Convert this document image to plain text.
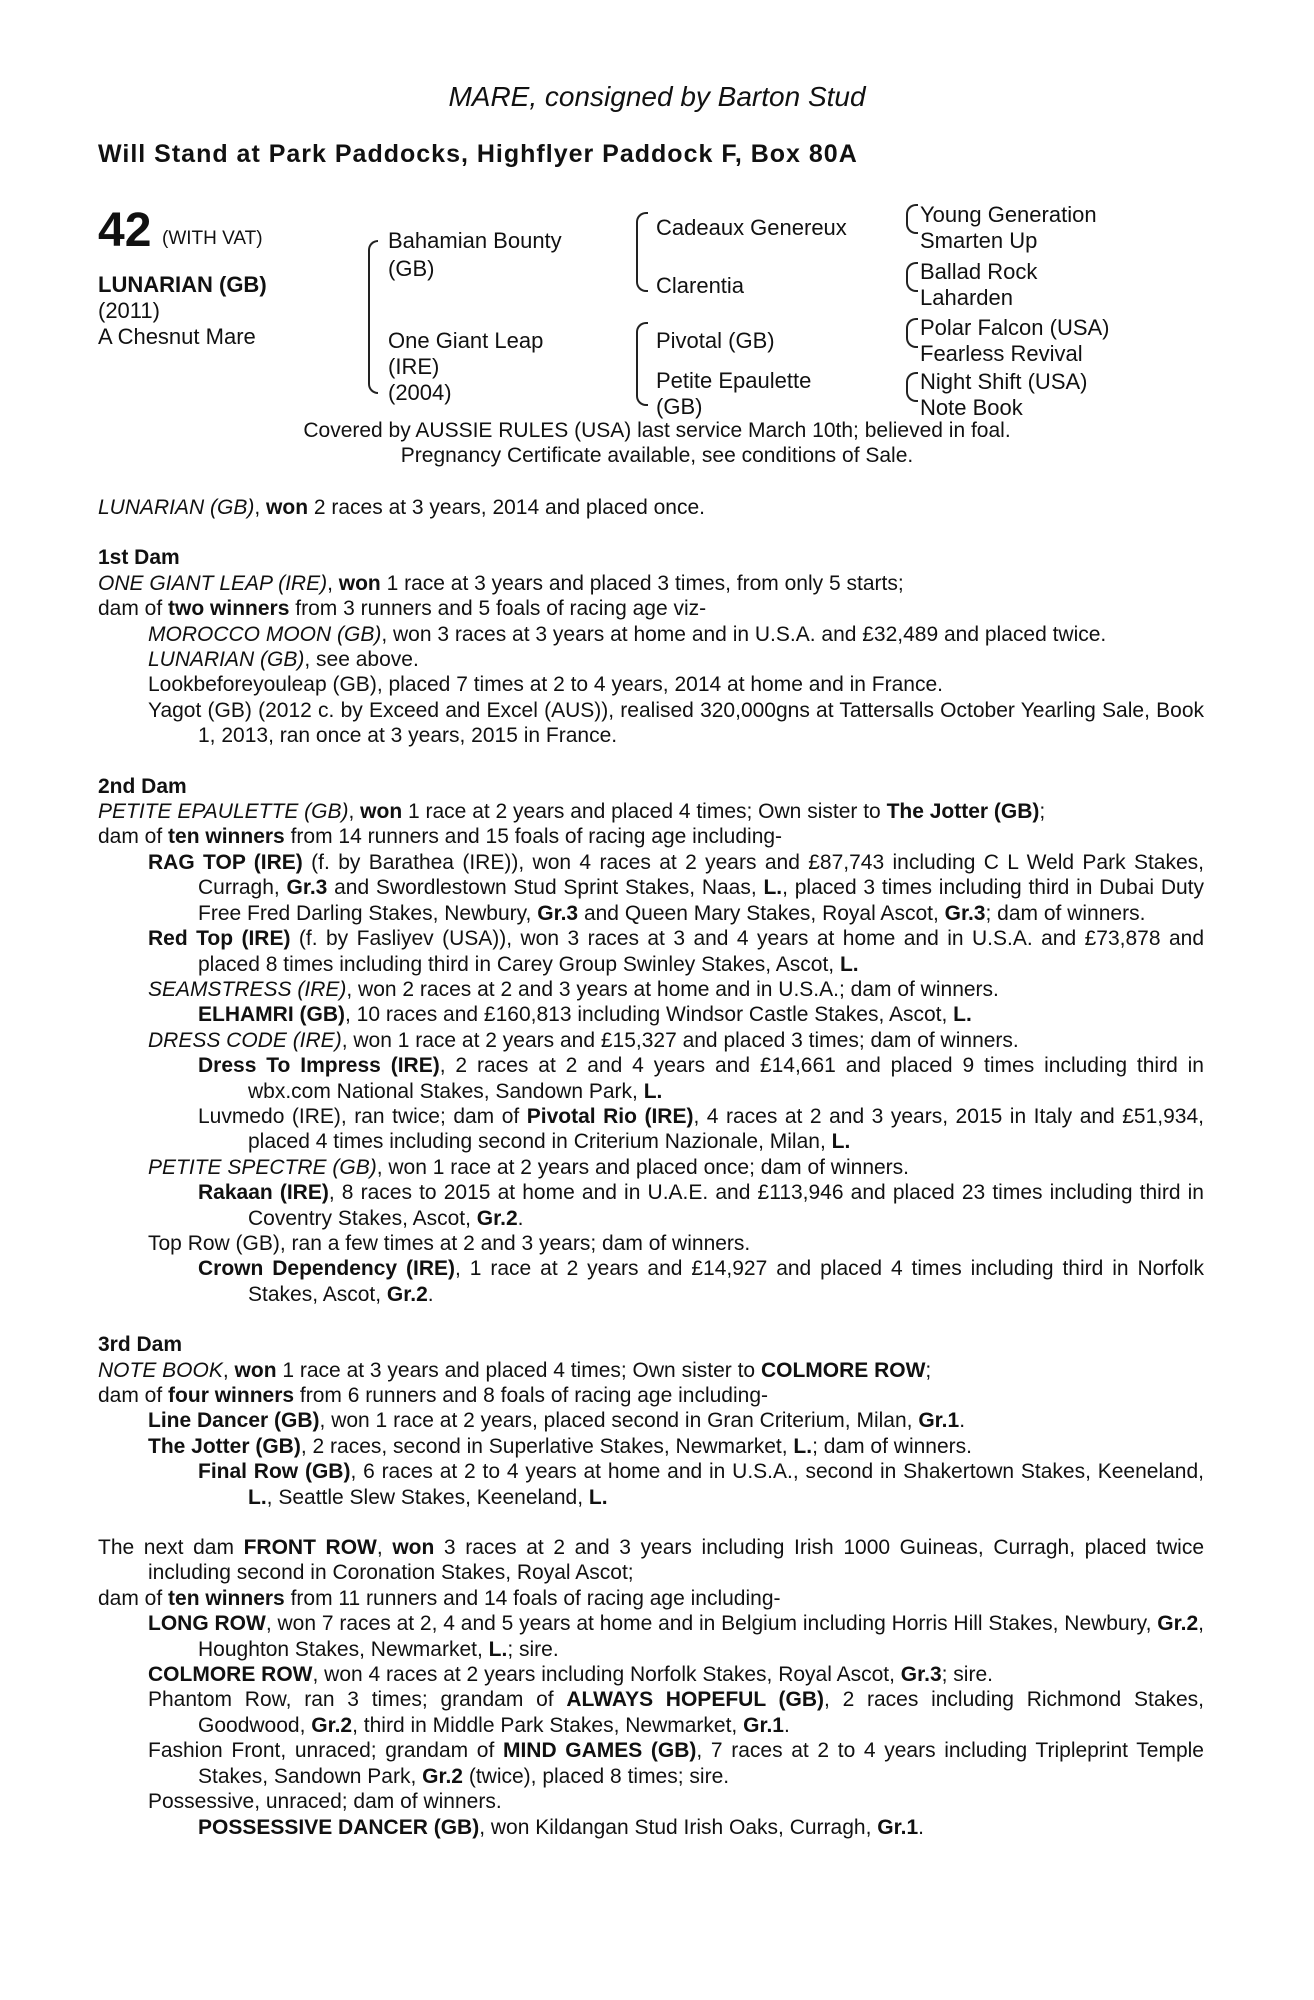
MARE, consigned by Barton Stud
Will Stand at Park Paddocks, Highflyer Paddock F, Box 80A
42 (WITH VAT)
LUNARIAN (GB)
(2011)
A Chesnut Mare
Bahamian Bounty
(GB)
One Giant Leap
(IRE)
(2004)
Cadeaux Genereux
Clarentia
Pivotal (GB)
Petite Epaulette
(GB)
Young Generation
Smarten Up
Ballad Rock
Laharden
Polar Falcon (USA)
Fearless Revival
Night Shift (USA)
Note Book
Covered by AUSSIE RULES (USA) last service March 10th; believed in foal.
Pregnancy Certificate available, see conditions of Sale.

LUNARIAN (GB), won 2 races at 3 years, 2014 and placed once.

1st Dam

ONE GIANT LEAP (IRE), won 1 race at 3 years and placed 3 times, from only 5 starts;

dam of two winners from 3 runners and 5 foals of racing age viz-

MOROCCO MOON (GB), won 3 races at 3 years at home and in U.S.A. and £32,489 and placed twice.

LUNARIAN (GB), see above.

Lookbeforeyouleap (GB), placed 7 times at 2 to 4 years, 2014 at home and in France.

Yagot (GB) (2012 c. by Exceed and Excel (AUS)), realised 320,000gns at Tattersalls October Yearling Sale, Book 1, 2013, ran once at 3 years, 2015 in France.

2nd Dam

PETITE EPAULETTE (GB), won 1 race at 2 years and placed 4 times; Own sister to The Jotter (GB);

dam of ten winners from 14 runners and 15 foals of racing age including-

RAG TOP (IRE) (f. by Barathea (IRE)), won 4 races at 2 years and £87,743 including C L Weld Park Stakes, Curragh, Gr.3 and Swordlestown Stud Sprint Stakes, Naas, L., placed 3 times including third in Dubai Duty Free Fred Darling Stakes, Newbury, Gr.3 and Queen Mary Stakes, Royal Ascot, Gr.3; dam of winners.

Red Top (IRE) (f. by Fasliyev (USA)), won 3 races at 3 and 4 years at home and in U.S.A. and £73,878 and placed 8 times including third in Carey Group Swinley Stakes, Ascot, L.

SEAMSTRESS (IRE), won 2 races at 2 and 3 years at home and in U.S.A.; dam of winners.

ELHAMRI (GB), 10 races and £160,813 including Windsor Castle Stakes, Ascot, L.

DRESS CODE (IRE), won 1 race at 2 years and £15,327 and placed 3 times; dam of winners.

Dress To Impress (IRE), 2 races at 2 and 4 years and £14,661 and placed 9 times including third in wbx.com National Stakes, Sandown Park, L.

Luvmedo (IRE), ran twice; dam of Pivotal Rio (IRE), 4 races at 2 and 3 years, 2015 in Italy and £51,934, placed 4 times including second in Criterium Nazionale, Milan, L.

PETITE SPECTRE (GB), won 1 race at 2 years and placed once; dam of winners.

Rakaan (IRE), 8 races to 2015 at home and in U.A.E. and £113,946 and placed 23 times including third in Coventry Stakes, Ascot, Gr.2.

Top Row (GB), ran a few times at 2 and 3 years; dam of winners.

Crown Dependency (IRE), 1 race at 2 years and £14,927 and placed 4 times including third in Norfolk Stakes, Ascot, Gr.2.

3rd Dam

NOTE BOOK, won 1 race at 3 years and placed 4 times; Own sister to COLMORE ROW;

dam of four winners from 6 runners and 8 foals of racing age including-

Line Dancer (GB), won 1 race at 2 years, placed second in Gran Criterium, Milan, Gr.1.

The Jotter (GB), 2 races, second in Superlative Stakes, Newmarket, L.; dam of winners.

Final Row (GB), 6 races at 2 to 4 years at home and in U.S.A., second in Shakertown Stakes, Keeneland, L., Seattle Slew Stakes, Keeneland, L.

The next dam FRONT ROW, won 3 races at 2 and 3 years including Irish 1000 Guineas, Curragh, placed twice including second in Coronation Stakes, Royal Ascot;

dam of ten winners from 11 runners and 14 foals of racing age including-

LONG ROW, won 7 races at 2, 4 and 5 years at home and in Belgium including Horris Hill Stakes, Newbury, Gr.2, Houghton Stakes, Newmarket, L.; sire.

COLMORE ROW, won 4 races at 2 years including Norfolk Stakes, Royal Ascot, Gr.3; sire.

Phantom Row, ran 3 times; grandam of ALWAYS HOPEFUL (GB), 2 races including Richmond Stakes, Goodwood, Gr.2, third in Middle Park Stakes, Newmarket, Gr.1.

Fashion Front, unraced; grandam of MIND GAMES (GB), 7 races at 2 to 4 years including Tripleprint Temple Stakes, Sandown Park, Gr.2 (twice), placed 8 times; sire.

Possessive, unraced; dam of winners.

POSSESSIVE DANCER (GB), won Kildangan Stud Irish Oaks, Curragh, Gr.1.
